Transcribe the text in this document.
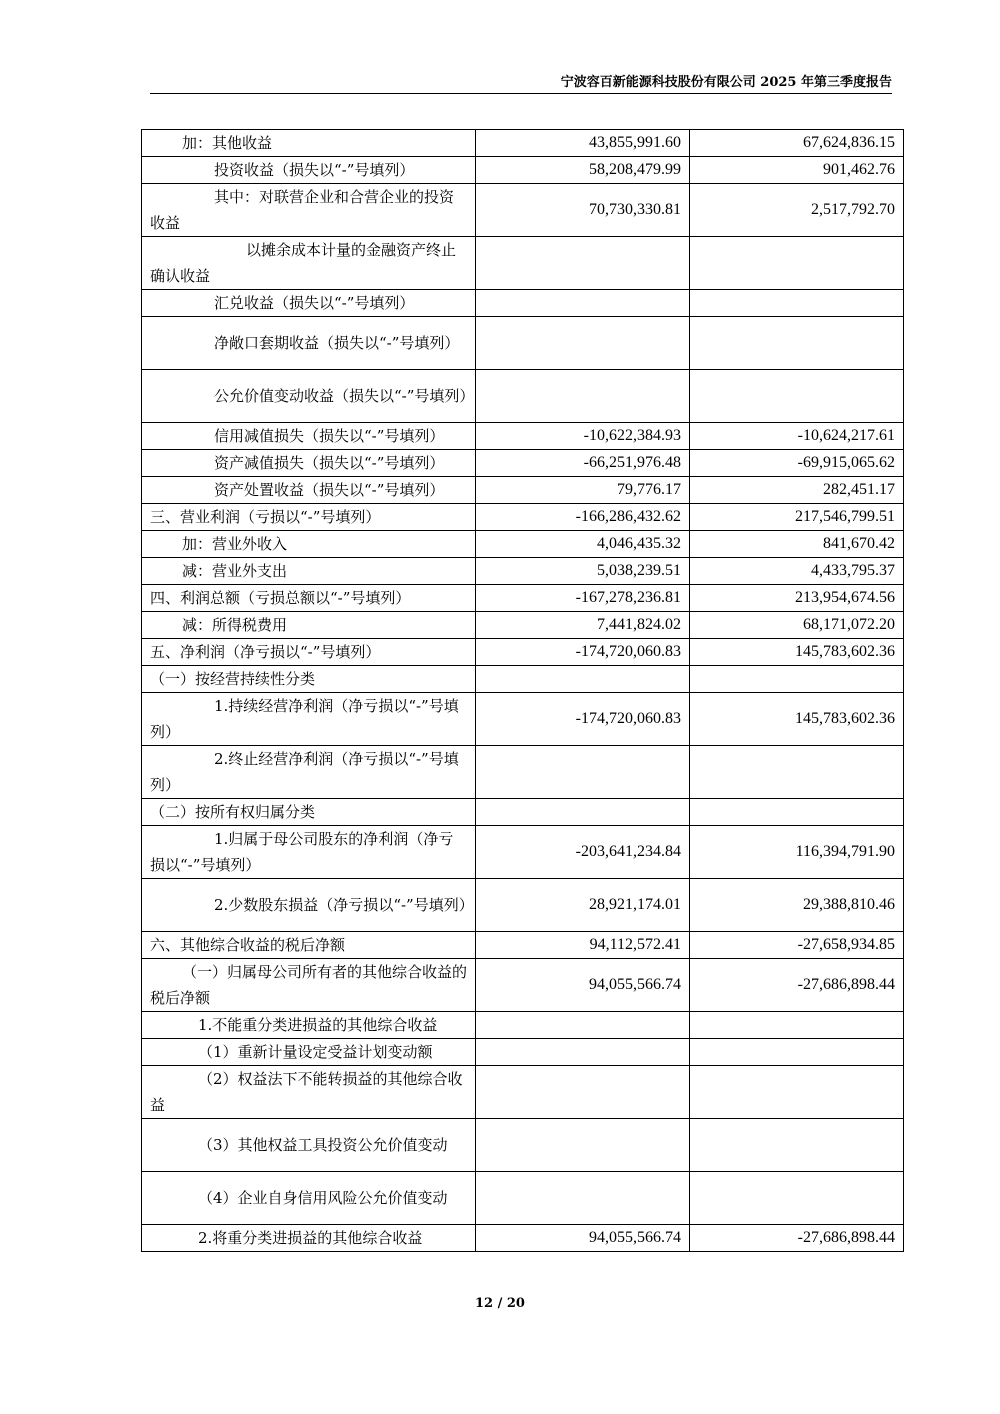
宁波容百新能源科技股份有限公司 2025 年第三季度报告
加：其他收益	43,855,991.60	67,624,836.15
投资收益（损失以“-”号填列）	58,208,479.99	901,462.76
其中：对联营企业和合营企业的投资收益	70,730,330.81	2,517,792.70
以摊余成本计量的金融资产终止确认收益		
汇兑收益（损失以“-”号填列）		
净敞口套期收益（损失以“-”号填列）		
公允价值变动收益（损失以“-”号填列）		
信用减值损失（损失以“-”号填列）	-10,622,384.93	-10,624,217.61
资产减值损失（损失以“-”号填列）	-66,251,976.48	-69,915,065.62
资产处置收益（损失以“-”号填列）	79,776.17	282,451.17
三、营业利润（亏损以“-”号填列）	-166,286,432.62	217,546,799.51
加：营业外收入	4,046,435.32	841,670.42
减：营业外支出	5,038,239.51	4,433,795.37
四、利润总额（亏损总额以“-”号填列）	-167,278,236.81	213,954,674.56
减：所得税费用	7,441,824.02	68,171,072.20
五、净利润（净亏损以“-”号填列）	-174,720,060.83	145,783,602.36
（一）按经营持续性分类		
1.持续经营净利润（净亏损以“-”号填列）	-174,720,060.83	145,783,602.36
2.终止经营净利润（净亏损以“-”号填列）		
（二）按所有权归属分类		
1.归属于母公司股东的净利润（净亏损以“-”号填列）	-203,641,234.84	116,394,791.90
2.少数股东损益（净亏损以“-”号填列）	28,921,174.01	29,388,810.46
六、其他综合收益的税后净额	94,112,572.41	-27,658,934.85
（一）归属母公司所有者的其他综合收益的税后净额	94,055,566.74	-27,686,898.44
1.不能重分类进损益的其他综合收益		
（1）重新计量设定受益计划变动额		
（2）权益法下不能转损益的其他综合收益		
（3）其他权益工具投资公允价值变动		
（4）企业自身信用风险公允价值变动		
2.将重分类进损益的其他综合收益	94,055,566.74	-27,686,898.44
12 / 20
